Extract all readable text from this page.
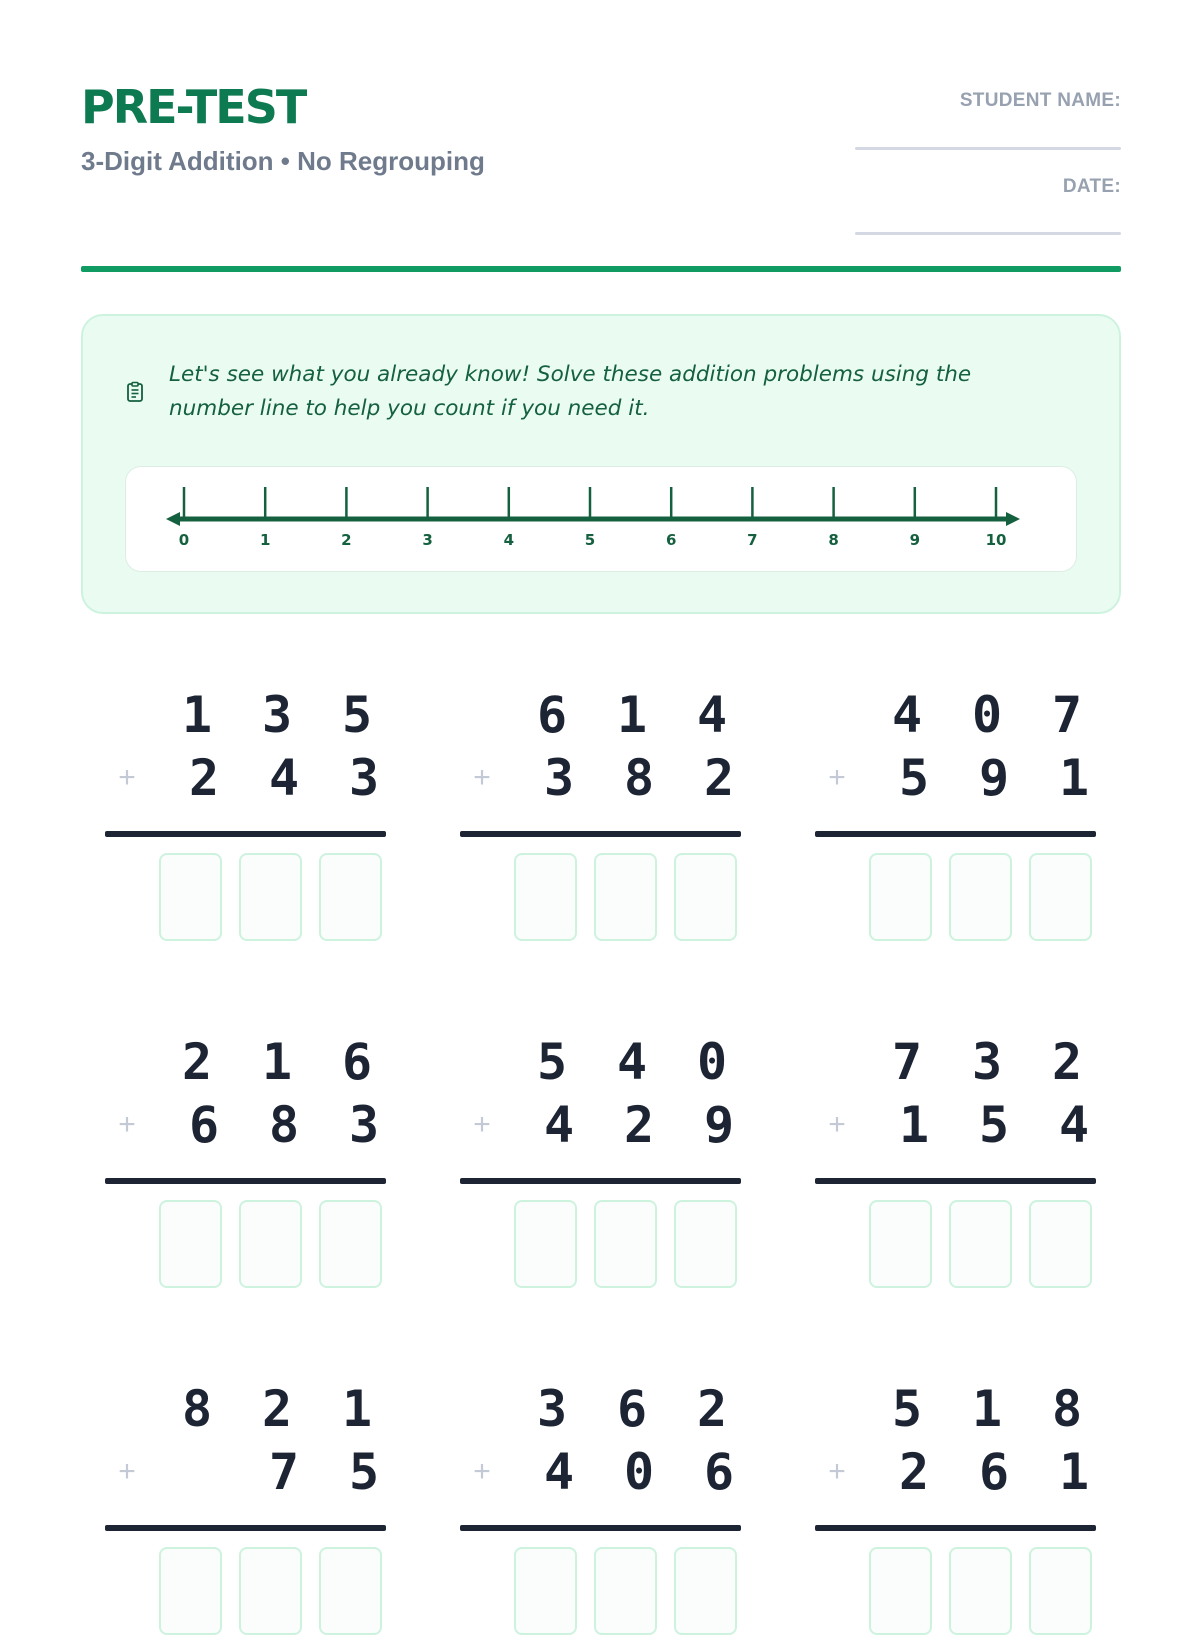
PRE-TEST
3-Digit Addition • No Regrouping
STUDENT NAME:
DATE:

Let's see what you already know! Solve these addition problems using the number line to help you count if you need it.

0	1	2	3	4	5	6	7	8	9	10
1 3 5
+ 2 4 3
6 1 4
+ 3 8 2
4 0 7
+ 5 9 1
2 1 6
+ 6 8 3
5 4 0
+ 4 2 9
7 3 2
+ 1 5 4
8 2 1
+	7 5
3 6 2
+ 4 0 6
5 1 8
+ 2 6 1
